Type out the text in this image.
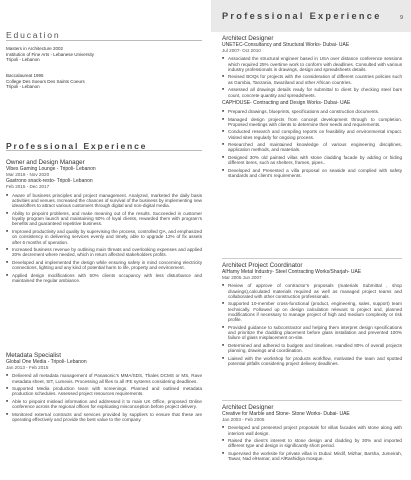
Professional Experience	9
Education
Masters in Architecture 2002
Institution of Fine Arts - Lebanese University
Tripoli - Lebanon
Baccalaureat 1995
College Des Soeurs Des Saints Coeurs
Tripoli - Lebanon
Professional Experience
Owner and Design Manager
Vibes Gaming Lounge - Tripoli- Lebanon
Mar 2018 - Nov 2020
Gastrono snack-resto- Tripoli- Lebanon
Feb 2015 - Dec 2017
■ Aware of business principles and project management. Analyzed, marketed the daily basis activities and venues. Increased the chances of survival of the business by implementing new ideas/offers to attract various customers through digital and non-digital media.
■ Ability to pinpoint problems, and make meaning out of the results. Succeeded in customer loyalty program launch and maintaining 50% of loyal clients, rewarded them with program’s benefits and guaranteed repetitive business.
■ Improved productivity and quality by supervising the process, controlled QA, and emphasized on consistency in delivering services evenly and timely, able to upgrade 12% of fix assets after 6 months of operation.
■ Increased business revenue by outlining main threats and overlooking expenses and applied 20% decrement where needed, which in return affected stakeholders profits.
■ Developed and implemented the design while ensuring safety in mind concerning electricity connections, lighting and any kind of potential harm to life, property and environment.
■ Applied design modifications with 50% clients occupancy with less disturbance and maintained the regular ambiance.
Metadata Specialist
Global One Media - Tripoli- Lebanon
Jan 2013 - Feb 2015
■ Delivered all metadata management of Panasonic’s MMA/SDS, Thales DCMS or MS, Rave metadata sheet, SIT, Lumexis. Processing all files to all IFE systems considering deadlines.
■ Supported Media production team with screenings. Planned and outlined metadata production schedules. Assessed project resources requirements.
■ Able to pinpoint mislead information and addressed it to main UK Office, proposed Online conference across the regional offices for explicating misconception before project delivery.
■ Monitored external contracts and services provided by suppliers to ensure that these are operating effectively and provide the best value to the company.
Architect Designer
UNETEC-Consultancy and Structural Works- Dubai- UAE
Jul 2007- Oct 2010
■ Associated the structural engineer based in USA over distance conference sessions which required 25% overtime work to conform with deadlines. Consulted with various industry professionals in drawings, design and spreadsheets details.
■ Revised BOQs for projects with the consideration of different countries policies such as Gambia, Tanzania, Swaziland and other African countries.
■ Assessed all drawings details ready for submittal to client by checking steel bars count, concrete quantity and spreadsheets.
CAPHOUSE- Contracting and Design Works- Dubai- UAE
■ Prepared drawings, blueprints, specifications and construction documents.
■ Managed design projects from concept development through to completion. Proposed meetings with clients to determine their needs and requirements.
■ Conducted research and compiling reports on feasibility and environmental impact. Visited sites regularly for ongoing process.
■ Researched and maintained knowledge of various engineering disciplines, application methods, and materials.
■ Designed 30% old painted villas with stone cladding facade by adding or hiding different items, such as shelters, frames, pipes..
■ Developed and Presented a villa proposal on seaside and complied with safety standards and client’s requirements.
Architect Project Coordinator
AlHamy Metal Industry- Steel Contracting Works/Sharjah- UAE
Mar 2005 Jun 2007
■ Review of approve of contractor’s proposals (materials Submittal , shop drawings),calculated materials required as well as managed project teams and collaborated with other construction professionals.
■ Supported 10-member cross-functional (product, engineering, sales, support) team technically. Followed up on design calculation relevant to project and, planned modifications if necessary to manage project of high and medium complexity or risk profile.
■ Provided guidance to subcontractor and helping them interpret design specifications and prioritize the cladding placement before glass installation and prevented 100% failure of glass misplacement on-site.
■ Determined and adhered to budgets and timelines. Handled 80% of overall projects planning, drawings and coordination.
■ Liaised with the workshop for products workflow, motivated the team and spotted potential pitfalls considering project delivery deadlines.
Architect Designer
Creative for Marble and Stone- Stone Works- Dubai- UAE
Jan 2003 - Feb 2005
■ Developed and presented project proposals for villas facades with stone along with interiors wall design.
■ Raised the client’s interest to stone design and cladding by 30% and imported different type and design in significantly short period.
■ Supervised the worksite for private villas in Dubai: Mirdif, Mizhar, Barsha, Jumeirah, Tawar, Nad elHamar, and AlRashidiya mosque.
